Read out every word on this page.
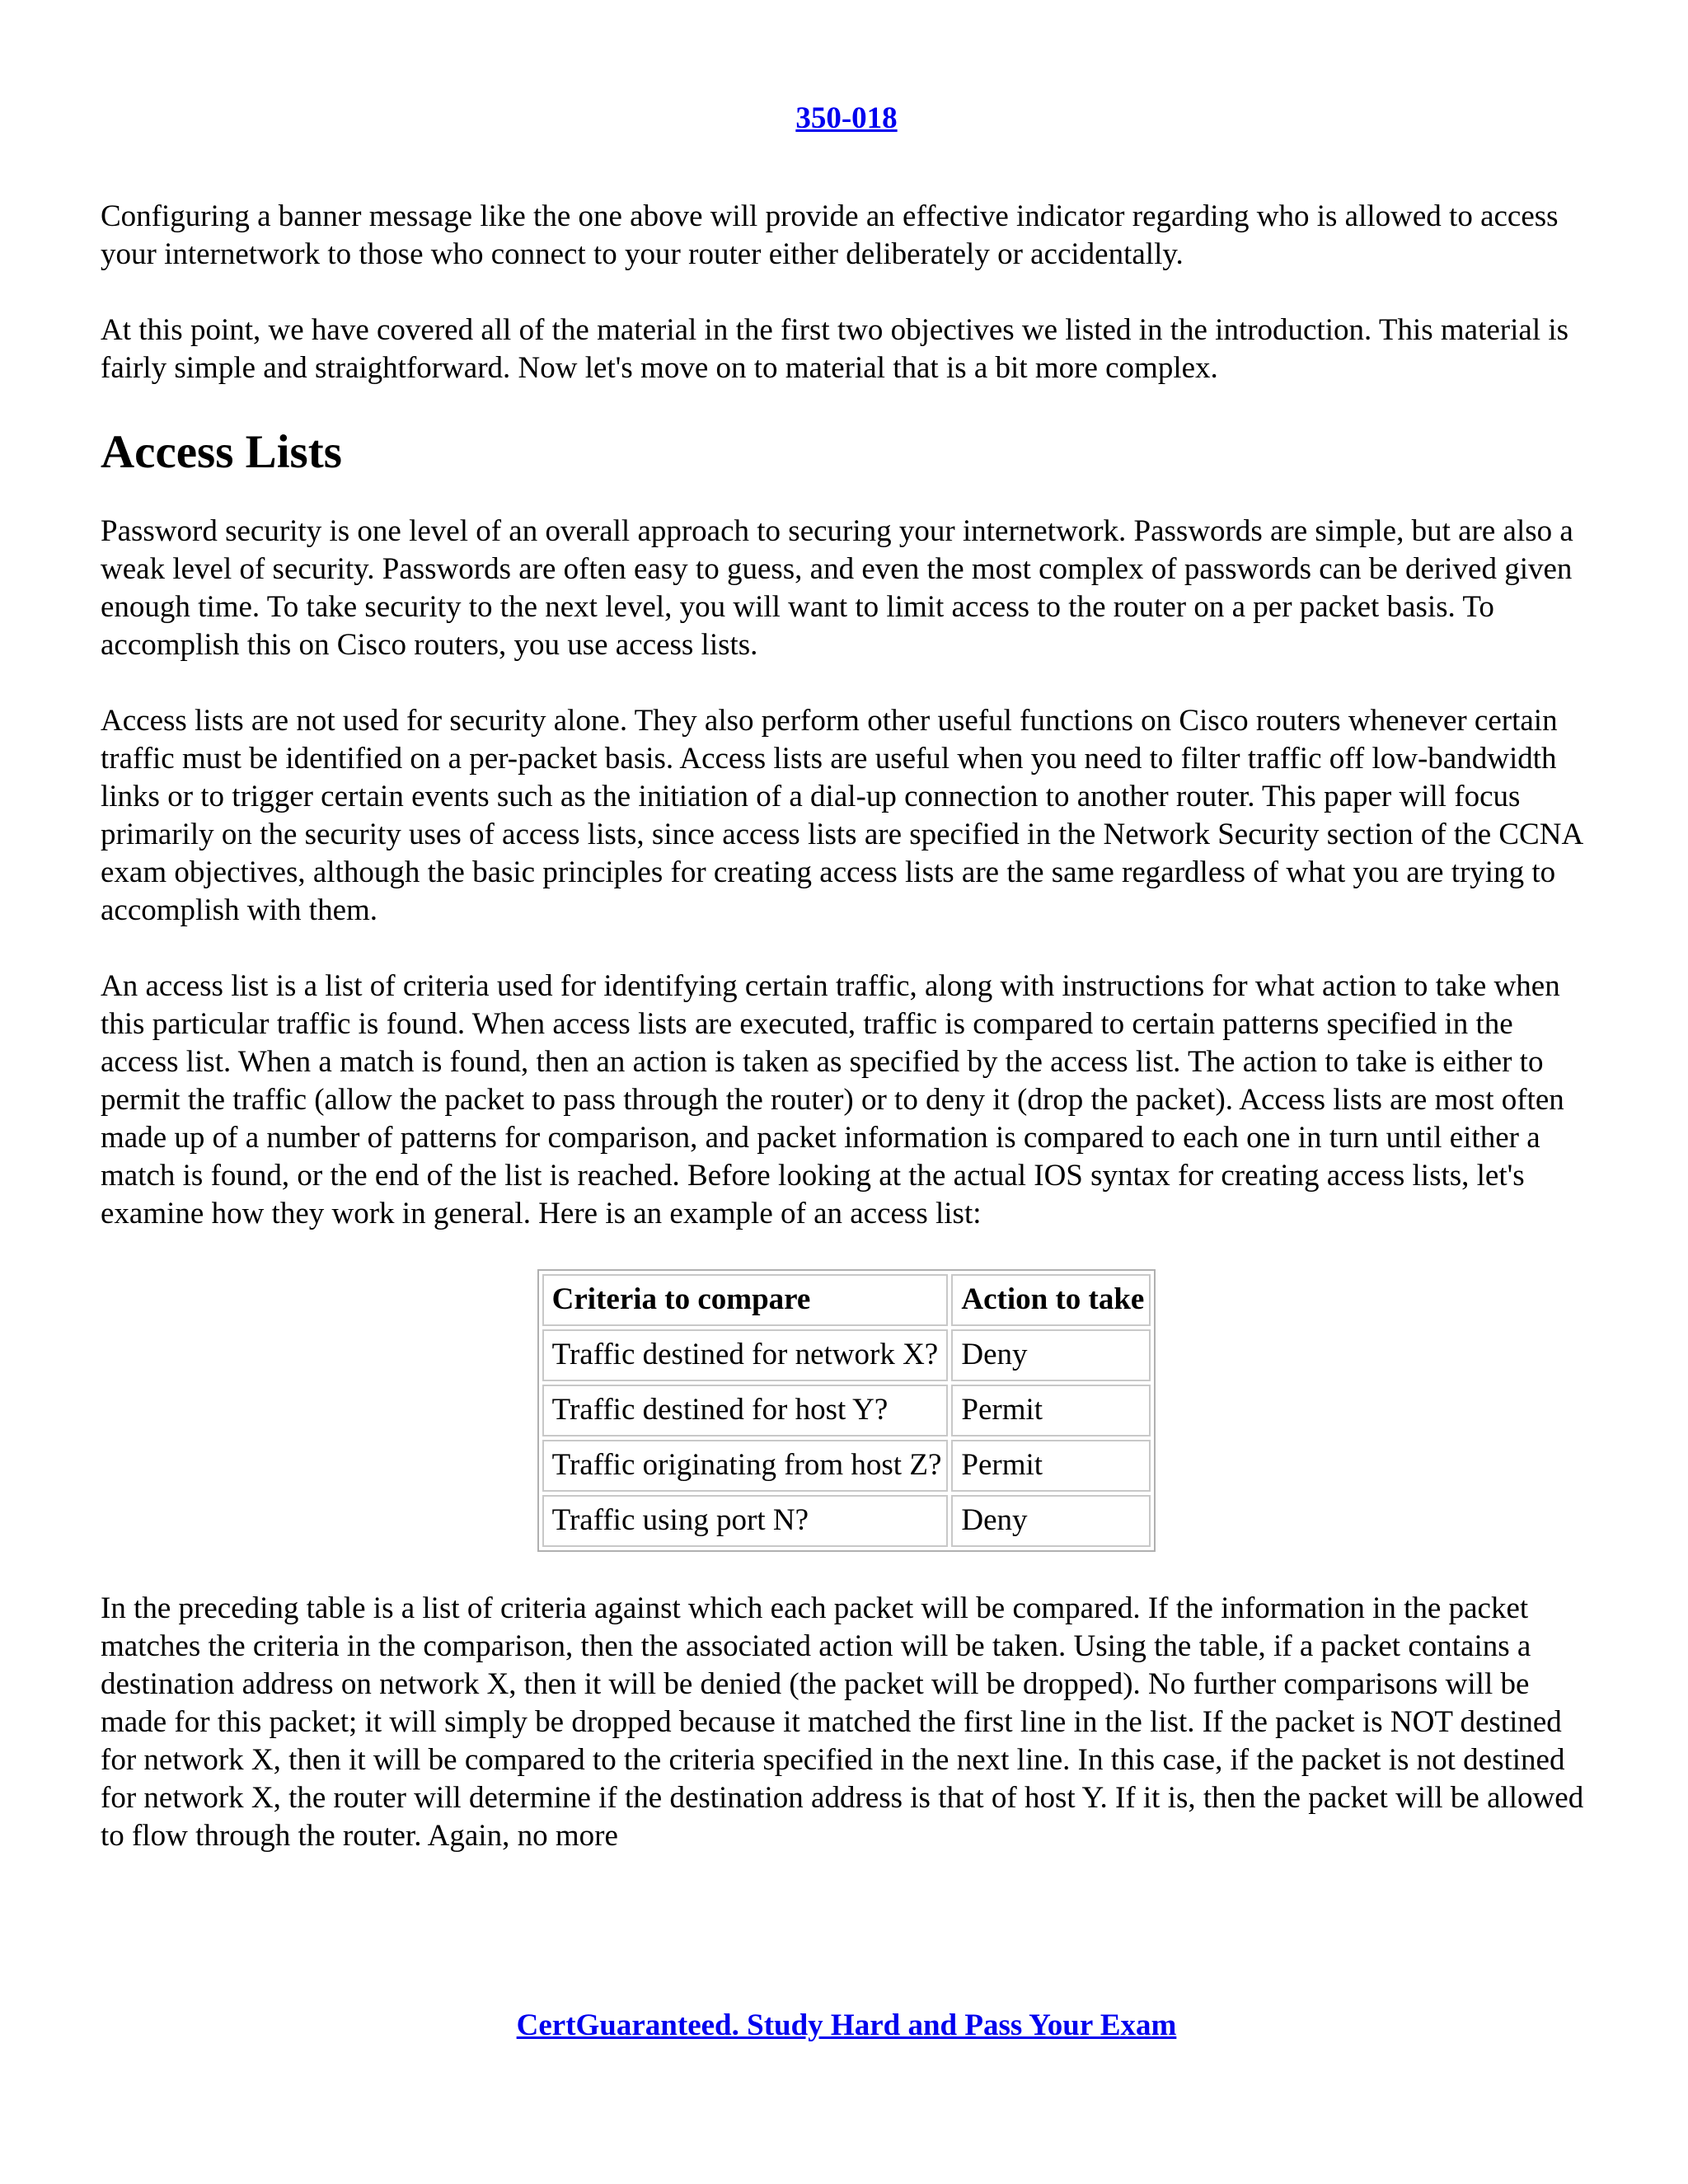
350-018

Configuring a banner message like the one above will provide an effective indicator regarding who is allowed to access your internetwork to those who connect to your router either deliberately or accidentally.

At this point, we have covered all of the material in the first two objectives we listed in the introduction. This material is fairly simple and straightforward. Now let's move on to material that is a bit more complex.

Access Lists

Password security is one level of an overall approach to securing your internetwork. Passwords are simple, but are also a weak level of security. Passwords are often easy to guess, and even the most complex of passwords can be derived given enough time. To take security to the next level, you will want to limit access to the router on a per packet basis. To accomplish this on Cisco routers, you use access lists.

Access lists are not used for security alone. They also perform other useful functions on Cisco routers whenever certain traffic must be identified on a per-packet basis. Access lists are useful when you need to filter traffic off low-bandwidth links or to trigger certain events such as the initiation of a dial-up connection to another router. This paper will focus primarily on the security uses of access lists, since access lists are specified in the Network Security section of the CCNA exam objectives, although the basic principles for creating access lists are the same regardless of what you are trying to accomplish with them.

An access list is a list of criteria used for identifying certain traffic, along with instructions for what action to take when this particular traffic is found. When access lists are executed, traffic is compared to certain patterns specified in the access list. When a match is found, then an action is taken as specified by the access list. The action to take is either to permit the traffic (allow the packet to pass through the router) or to deny it (drop the packet). Access lists are most often made up of a number of patterns for comparison, and packet information is compared to each one in turn until either a match is found, or the end of the list is reached. Before looking at the actual IOS syntax for creating access lists, let's examine how they work in general. Here is an example of an access list:

Criteria to compare	Action to take
Traffic destined for network X?	Deny
Traffic destined for host Y?	Permit
Traffic originating from host Z?	Permit
Traffic using port N?	Deny

In the preceding table is a list of criteria against which each packet will be compared. If the information in the packet matches the criteria in the comparison, then the associated action will be taken. Using the table, if a packet contains a destination address on network X, then it will be denied (the packet will be dropped). No further comparisons will be made for this packet; it will simply be dropped because it matched the first line in the list. If the packet is NOT destined for network X, then it will be compared to the criteria specified in the next line. In this case, if the packet is not destined for network X, the router will determine if the destination address is that of host Y. If it is, then the packet will be allowed to flow through the router. Again, no more

CertGuaranteed. Study Hard and Pass Your Exam
